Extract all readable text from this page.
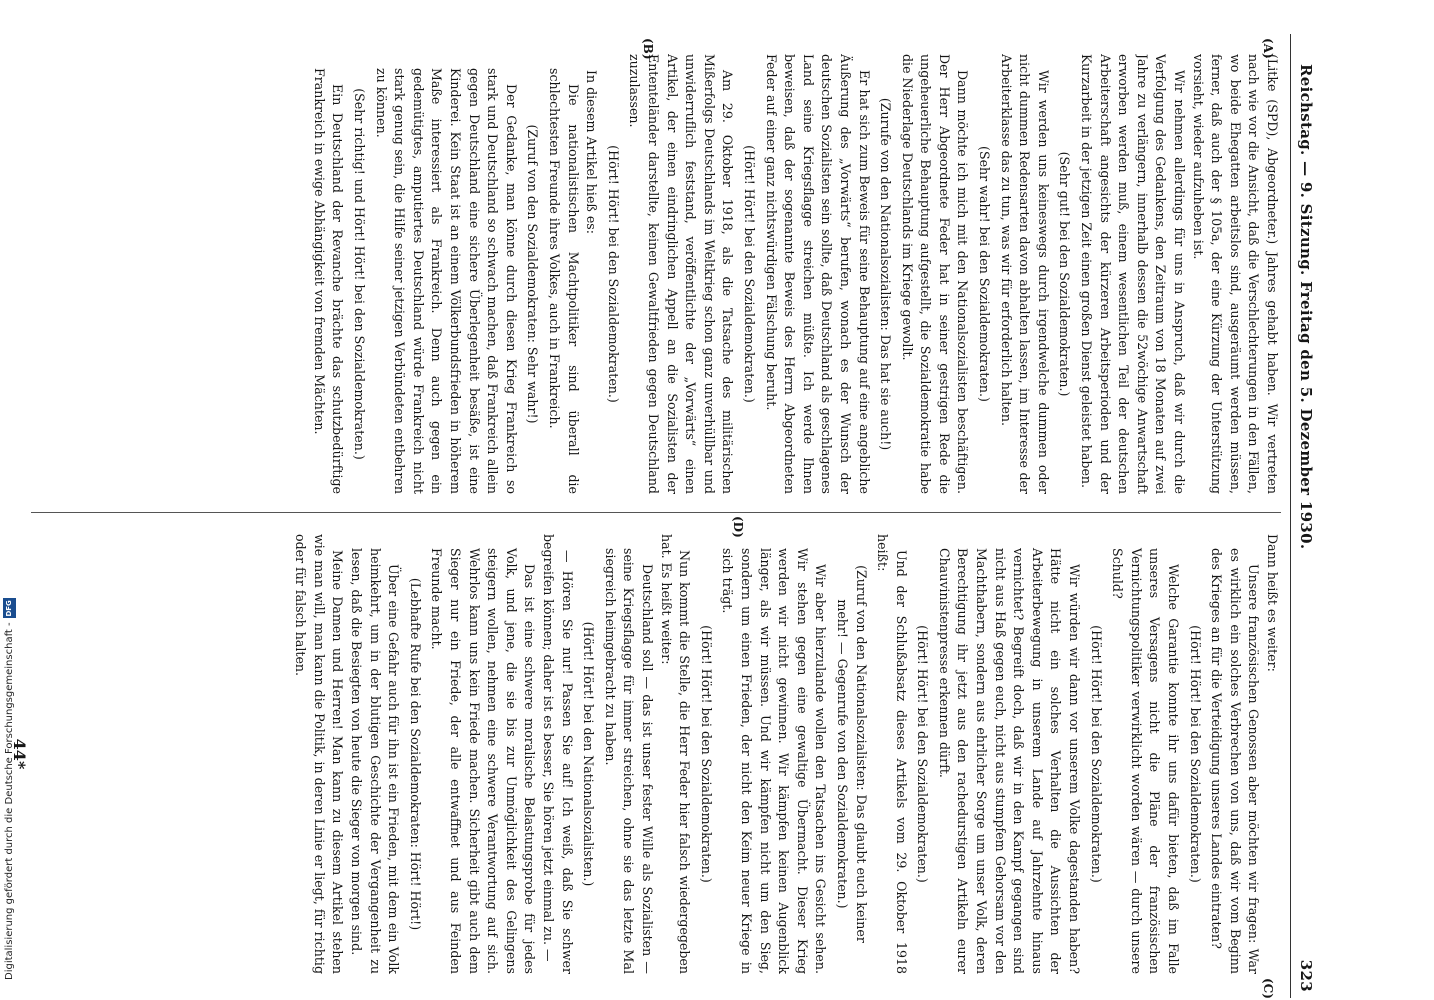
Reichstag. — 9. Sitzung. Freitag den 5. Dezember 1930.
323
(A)
(B)
(C)
(D)

(Litke (SPD), Abgeordneter.) Jahres gehabt haben. Wir vertreten nach wie vor die Ansicht, daß die Verschlechterungen in den Fällen, wo beide Ehegatten arbeitslos sind, ausgeräumt werden müssen, ferner, daß auch der § 105a, der eine Kürzung der Unterstützung vorsieht, wieder aufzuheben ist.

Wir nehmen allerdings für uns in Anspruch, daß wir durch die Verfolgung des Gedankens, den Zeitraum von 18 Monaten auf zwei Jahre zu verlängern, innerhalb dessen die 52wöchige Anwartschaft erworben werden muß, einem wesentlichen Teil der deutschen Arbeiterschaft angesichts der kürzeren Arbeitsperioden und der Kurzarbeit in der jetzigen Zeit einen großen Dienst geleistet haben.

(Sehr gut! bei den Sozialdemokraten.)

Wir werden uns keineswegs durch irgendwelche dummen oder nicht dummen Redensarten davon abhalten lassen, im Interesse der Arbeiterklasse das zu tun, was wir für erforderlich halten.

(Sehr wahr! bei den Sozialdemokraten.)

Dann möchte ich mich mit den Nationalsozialisten beschäftigen. Der Herr Abgeordnete Feder hat in seiner gestrigen Rede die ungeheuerliche Behauptung aufgestellt, die Sozialdemokratie habe die Niederlage Deutschlands im Kriege gewollt.

(Zurufe von den Nationalsozialisten: Das hat sie auch!)

Er hat sich zum Beweis für seine Behauptung auf eine angebliche Äußerung des „Vorwärts“ berufen, wonach es der Wunsch der deutschen Sozialisten sein sollte, daß Deutschland als geschlagenes Land seine Kriegsflagge streichen müßte. Ich werde Ihnen beweisen, daß der sogenannte Beweis des Herrn Abgeordneten Feder auf einer ganz nichtswürdigen Fälschung beruht.

(Hört! Hört! bei den Sozialdemokraten.)

Am 29. Oktober 1918, als die Tatsache des militärischen Mißerfolgs Deutschlands im Weltkrieg schon ganz unverhüllbar und unwiderruflich feststand, veröffentlichte der „Vorwärts“ einen Artikel, der einen eindringlichen Appell an die Sozialisten der Ententeländer darstellte, keinen Gewaltfrieden gegen Deutschland zuzulassen.

(Hört! Hört! bei den Sozialdemokraten.)

In diesem Artikel hieß es:

Die nationalistischen Machtpolitiker sind überall die schlechtesten Freunde ihres Volkes, auch in Frankreich.

(Zuruf von den Sozialdemokraten: Sehr wahr!)

Der Gedanke, man könne durch diesen Krieg Frankreich so stark und Deutschland so schwach machen, daß Frankreich allein gegen Deutschland eine sichere Überlegenheit besäße, ist eine Kinderei. Kein Staat ist an einem Völkerbundsfrieden in höherem Maße interessiert als Frankreich. Denn auch gegen ein gedemütigtes, amputiertes Deutschland würde Frankreich nicht stark genug sein, die Hilfe seiner jetzigen Verbündeten entbehren zu können.

(Sehr richtig! und Hört! Hört! bei den Sozialdemokraten.)

Ein Deutschland der Revanche brächte das schutzbedürftige Frankreich in ewige Abhängigkeit von fremden Mächten.

Dann heißt es weiter:

Unsere französischen Genossen aber möchten wir fragen: War es wirklich ein solches Verbrechen von uns, daß wir vom Beginn des Krieges an für die Verteidigung unseres Landes eintraten?

(Hört! Hört! bei den Sozialdemokraten.)

Welche Garantie konnte ihr uns dafür bieten, daß im Falle unseres Versagens nicht die Pläne der französischen Vernichtungspolitiker verwirklicht worden wären — durch unsere Schuld?

(Hört! Hört! bei den Sozialdemokraten.)

Wir würden wir dann vor unserem Volke dagestanden haben? Hätte nicht ein solches Verhalten die Aussichten der Arbeiterbewegung in unserem Lande auf Jahrzehnte hinaus vernichtet? Begreift doch, daß wir in den Kampf gegangen sind nicht aus Haß gegen euch, nicht aus stumpfem Gehorsam vor den Machthabern, sondern aus ehrlicher Sorge um unser Volk, deren Berechtigung ihr jetzt aus den rachedurstigen Artikeln eurer Chauvinistenpresse erkennen dürft.

(Hört! Hört! bei den Sozialdemokraten.)

Und der Schlußabsatz dieses Artikels vom 29. Oktober 1918 heißt:

(Zuruf von den Nationalsozialisten: Das glaubt euch keiner mehr! — Gegenrufe von den Sozialdemokraten.)

Wir aber hierzulande wollen den Tatsachen ins Gesicht sehen. Wir stehen gegen eine gewaltige Übermacht. Dieser Krieg werden wir nicht gewinnen. Wir kämpfen keinen Augenblick länger, als wir müssen. Und wir kämpfen nicht um den Sieg, sondern um einen Frieden, der nicht den Keim neuer Kriege in sich trägt.

(Hört! Hört! bei den Sozialdemokraten.)

Nun kommt die Stelle, die Herr Feder hier falsch wiedergegeben hat. Es heißt weiter:

Deutschland soll — das ist unser fester Wille als Sozialisten — seine Kriegsflagge für immer streichen, ohne sie das letzte Mal siegreich heimgebracht zu haben.

(Hört! Hört! bei den Nationalsozialisten.)

— Hören Sie nur! Passen Sie auf! Ich weiß, daß Sie schwer begreifen können; daher ist es besser, Sie hören jetzt einmal zu. —

Das ist eine schwere moralische Belastungsprobe für jedes Volk, und jene, die sie bis zur Unmöglichkeit des Gelingens steigern wollen, nehmen eine schwere Verantwortung auf sich. Wehrlos kann uns kein Friede machen. Sicherheit gibt auch dem Sieger nur ein Friede, der alle entwaffnet und aus Feinden Freunde macht.

(Lebhafte Rufe bei den Sozialdemokraten: Hört! Hört!)

Über eine Gefahr auch für ihn ist ein Frieden, mit dem ein Volk heimkehrt, um in der blutigen Geschichte der Vergangenheit zu lesen, daß die Besiegten von heute die Sieger von morgen sind.

Meine Damen und Herren! Man kann zu diesem Artikel stehen wie man will, man kann die Politik, in deren Linie er liegt, für richtig oder für falsch halten.

44*
Digitalisierung gefördert durch die Deutsche Forschungsgemeinschaft -
DFG
